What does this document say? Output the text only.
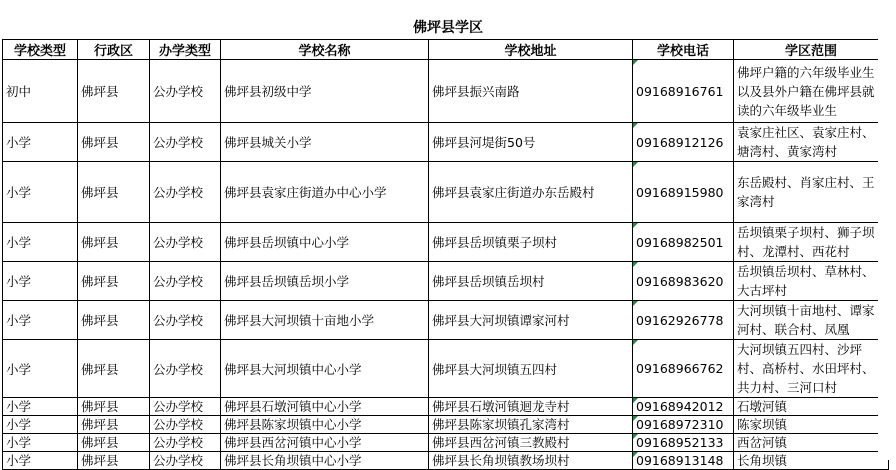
佛坪县学区
学校类型	行政区	办学类型	学校名称	学校地址	学校电话	学区范围
初中	佛坪县	公办学校	佛坪县初级中学	佛坪县振兴南路	09168916761	佛坪户籍的六年级毕业生以及县外户籍在佛坪县就读的六年级毕业生
小学	佛坪县	公办学校	佛坪县城关小学	佛坪县河堤街50号	09168912126	袁家庄社区、袁家庄村、塘湾村、黄家湾村
小学	佛坪县	公办学校	佛坪县袁家庄街道办中心小学	佛坪县袁家庄街道办东岳殿村	09168915980	东岳殿村、肖家庄村、王家湾村
小学	佛坪县	公办学校	佛坪县岳坝镇中心小学	佛坪县岳坝镇栗子坝村	09168982501	岳坝镇栗子坝村、狮子坝村、龙潭村、西花村
小学	佛坪县	公办学校	佛坪县岳坝镇岳坝小学	佛坪县岳坝镇岳坝村	09168983620	岳坝镇岳坝村、草林村、大古坪村
小学	佛坪县	公办学校	佛坪县大河坝镇十亩地小学	佛坪县大河坝镇谭家河村	09162926778	大河坝镇十亩地村、谭家河村、联合村、凤凰
小学	佛坪县	公办学校	佛坪县大河坝镇中心小学	佛坪县大河坝镇五四村	09168966762	大河坝镇五四村、沙坪村、高桥村、水田坪村、共力村、三河口村
小学	佛坪县	公办学校	佛坪县石墩河镇中心小学	佛坪县石墩河镇迴龙寺村	09168942012	石墩河镇
小学	佛坪县	公办学校	佛坪县陈家坝镇中心小学	佛坪县陈家坝镇孔家湾村	09168972310	陈家坝镇
小学	佛坪县	公办学校	佛坪县西岔河镇中心小学	佛坪县西岔河镇三教殿村	09168952133	西岔河镇
小学	佛坪县	公办学校	佛坪县长角坝镇中心小学	佛坪县长角坝镇教场坝村	09168913148	长角坝镇
